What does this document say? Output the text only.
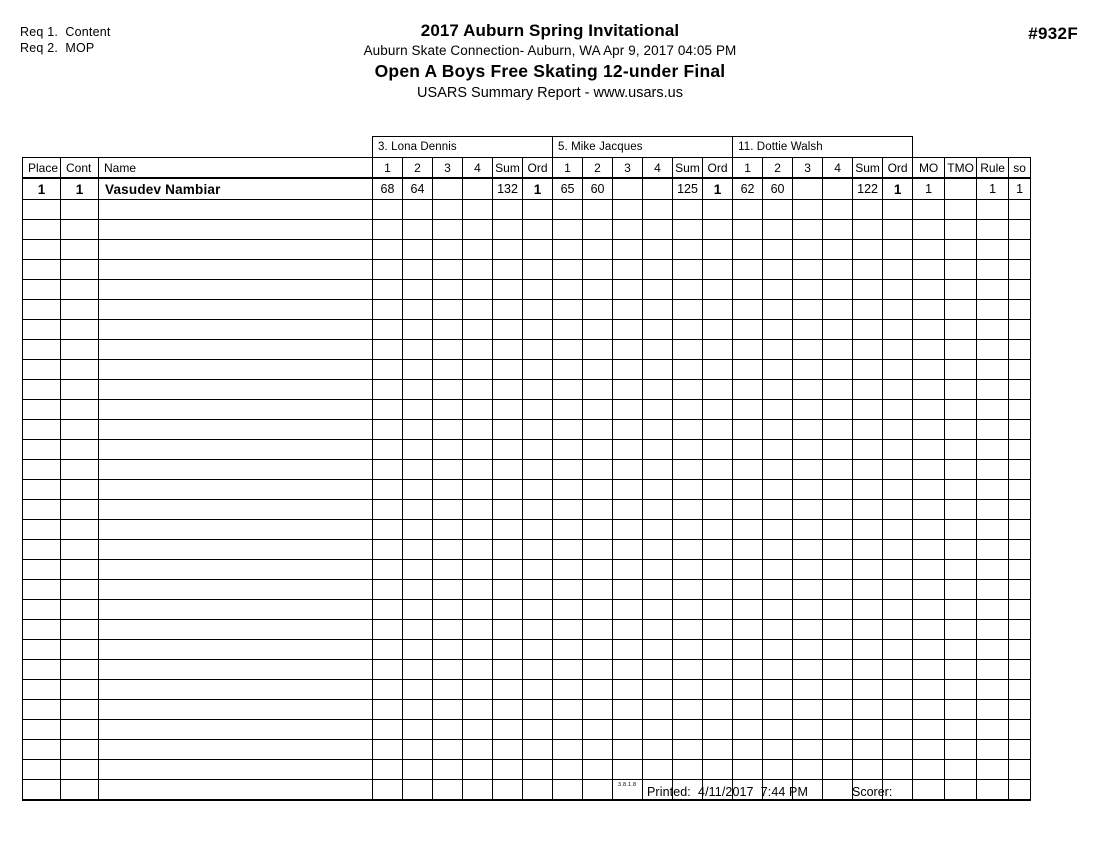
Req 1.  Content
Req 2.  MOP
2017 Auburn Spring Invitational
Auburn Skate Connection- Auburn, WA Apr 9, 2017 04:05 PM
Open A Boys Free Skating 12-under Final
USARS Summary Report - www.usars.us
#932F
			3. Lona Dennis						5. Mike Jacques						11. Dottie Walsh									
Place	Cont	Name	1	2	3	4	Sum	Ord	1	2	3	4	Sum	Ord	1	2	3	4	Sum	Ord	MO	TMO	Rule	so
1	1	Vasudev Nambiar	68	64			132	1	65	60			125	1	62	60			122	1	1		1	1

3.8.1.8 Printed:  4/11/2017  7:44 PM	Scorer:
